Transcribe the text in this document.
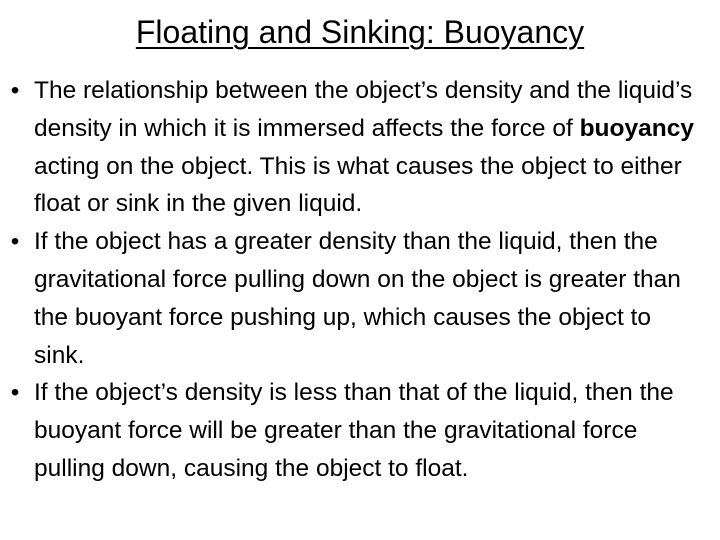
Floating and Sinking: Buoyancy
• The relationship between the object’s density and the liquid’s density in which it is immersed affects the force of buoyancy acting on the object. This is what causes the object to either float or sink in the given liquid.
• If the object has a greater density than the liquid, then the gravitational force pulling down on the object is greater than the buoyant force pushing up, which causes the object to sink.
• If the object’s density is less than that of the liquid, then the buoyant force will be greater than the gravitational force pulling down, causing the object to float.
